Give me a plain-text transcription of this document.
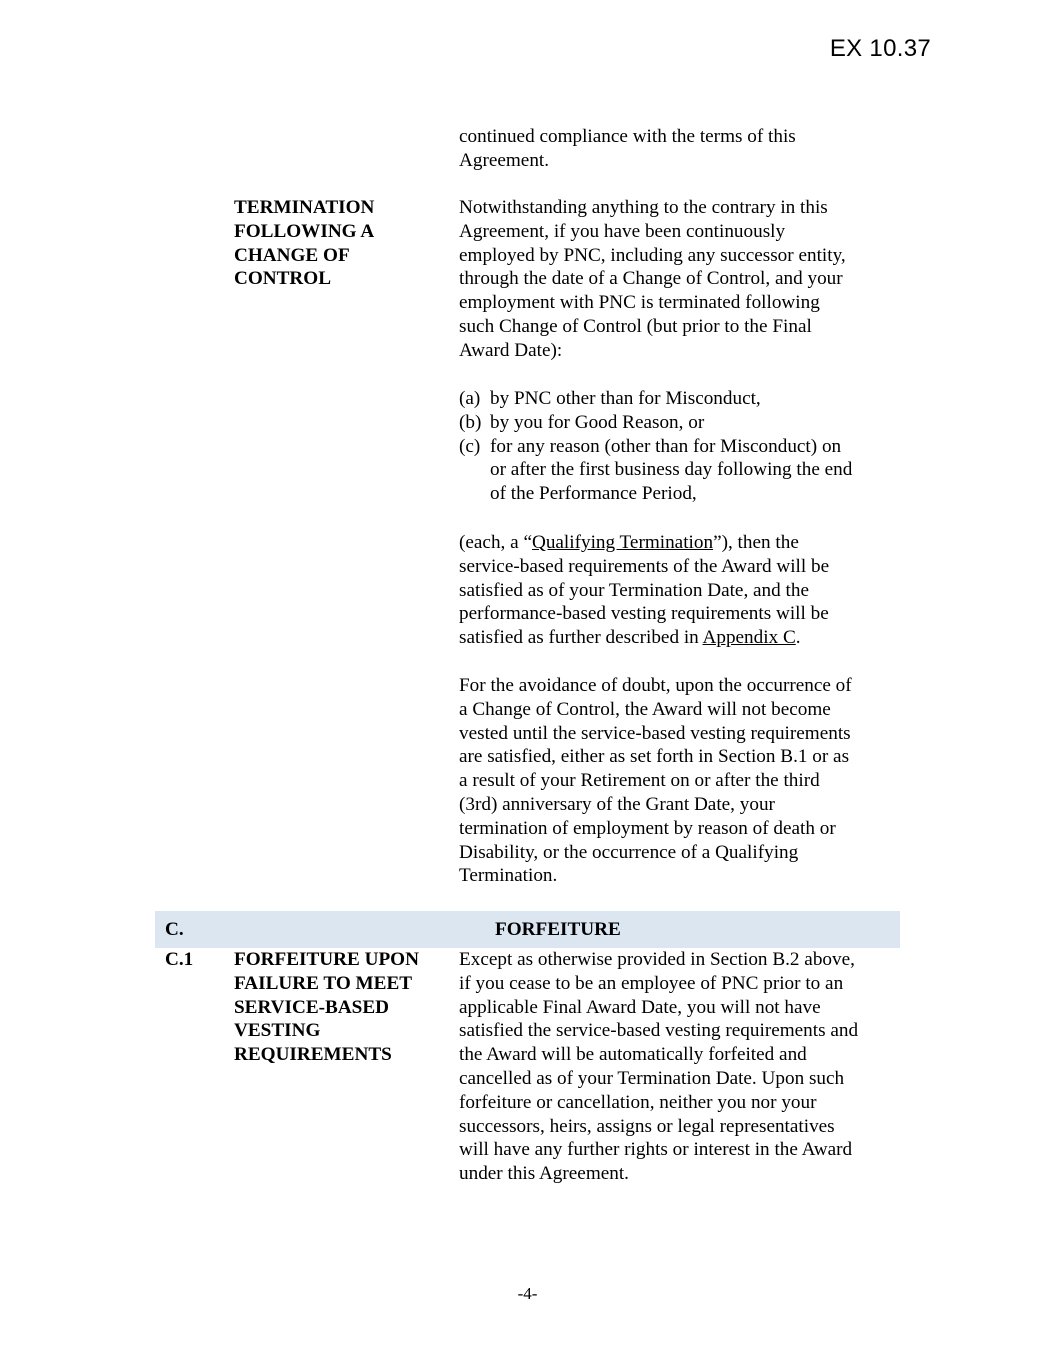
EX 10.37
continued compliance with the terms of this
Agreement.
TERMINATION
FOLLOWING A
CHANGE OF
CONTROL
Notwithstanding anything to the contrary in this
Agreement, if you have been continuously
employed by PNC, including any successor entity,
through the date of a Change of Control, and your
employment with PNC is terminated following
such Change of Control (but prior to the Final
Award Date):
(a) by PNC other than for Misconduct,
(b) by you for Good Reason, or
(c) for any reason (other than for Misconduct) on
or after the first business day following the end
of the Performance Period,
(each, a “Qualifying Termination”), then the
service-based requirements of the Award will be
satisfied as of your Termination Date, and the
performance-based vesting requirements will be
satisfied as further described in Appendix C.
For the avoidance of doubt, upon the occurrence of
a Change of Control, the Award will not become
vested until the service-based vesting requirements
are satisfied, either as set forth in Section B.1 or as
a result of your Retirement on or after the third
(3rd) anniversary of the Grant Date, your
termination of employment by reason of death or
Disability, or the occurrence of a Qualifying
Termination.
C.	FORFEITURE
C.1 FORFEITURE UPON
FAILURE TO MEET
SERVICE-BASED
VESTING
REQUIREMENTS
Except as otherwise provided in Section B.2 above,
if you cease to be an employee of PNC prior to an
applicable Final Award Date, you will not have
satisfied the service-based vesting requirements and
the Award will be automatically forfeited and
cancelled as of your Termination Date. Upon such
forfeiture or cancellation, neither you nor your
successors, heirs, assigns or legal representatives
will have any further rights or interest in the Award
under this Agreement.
-4-
